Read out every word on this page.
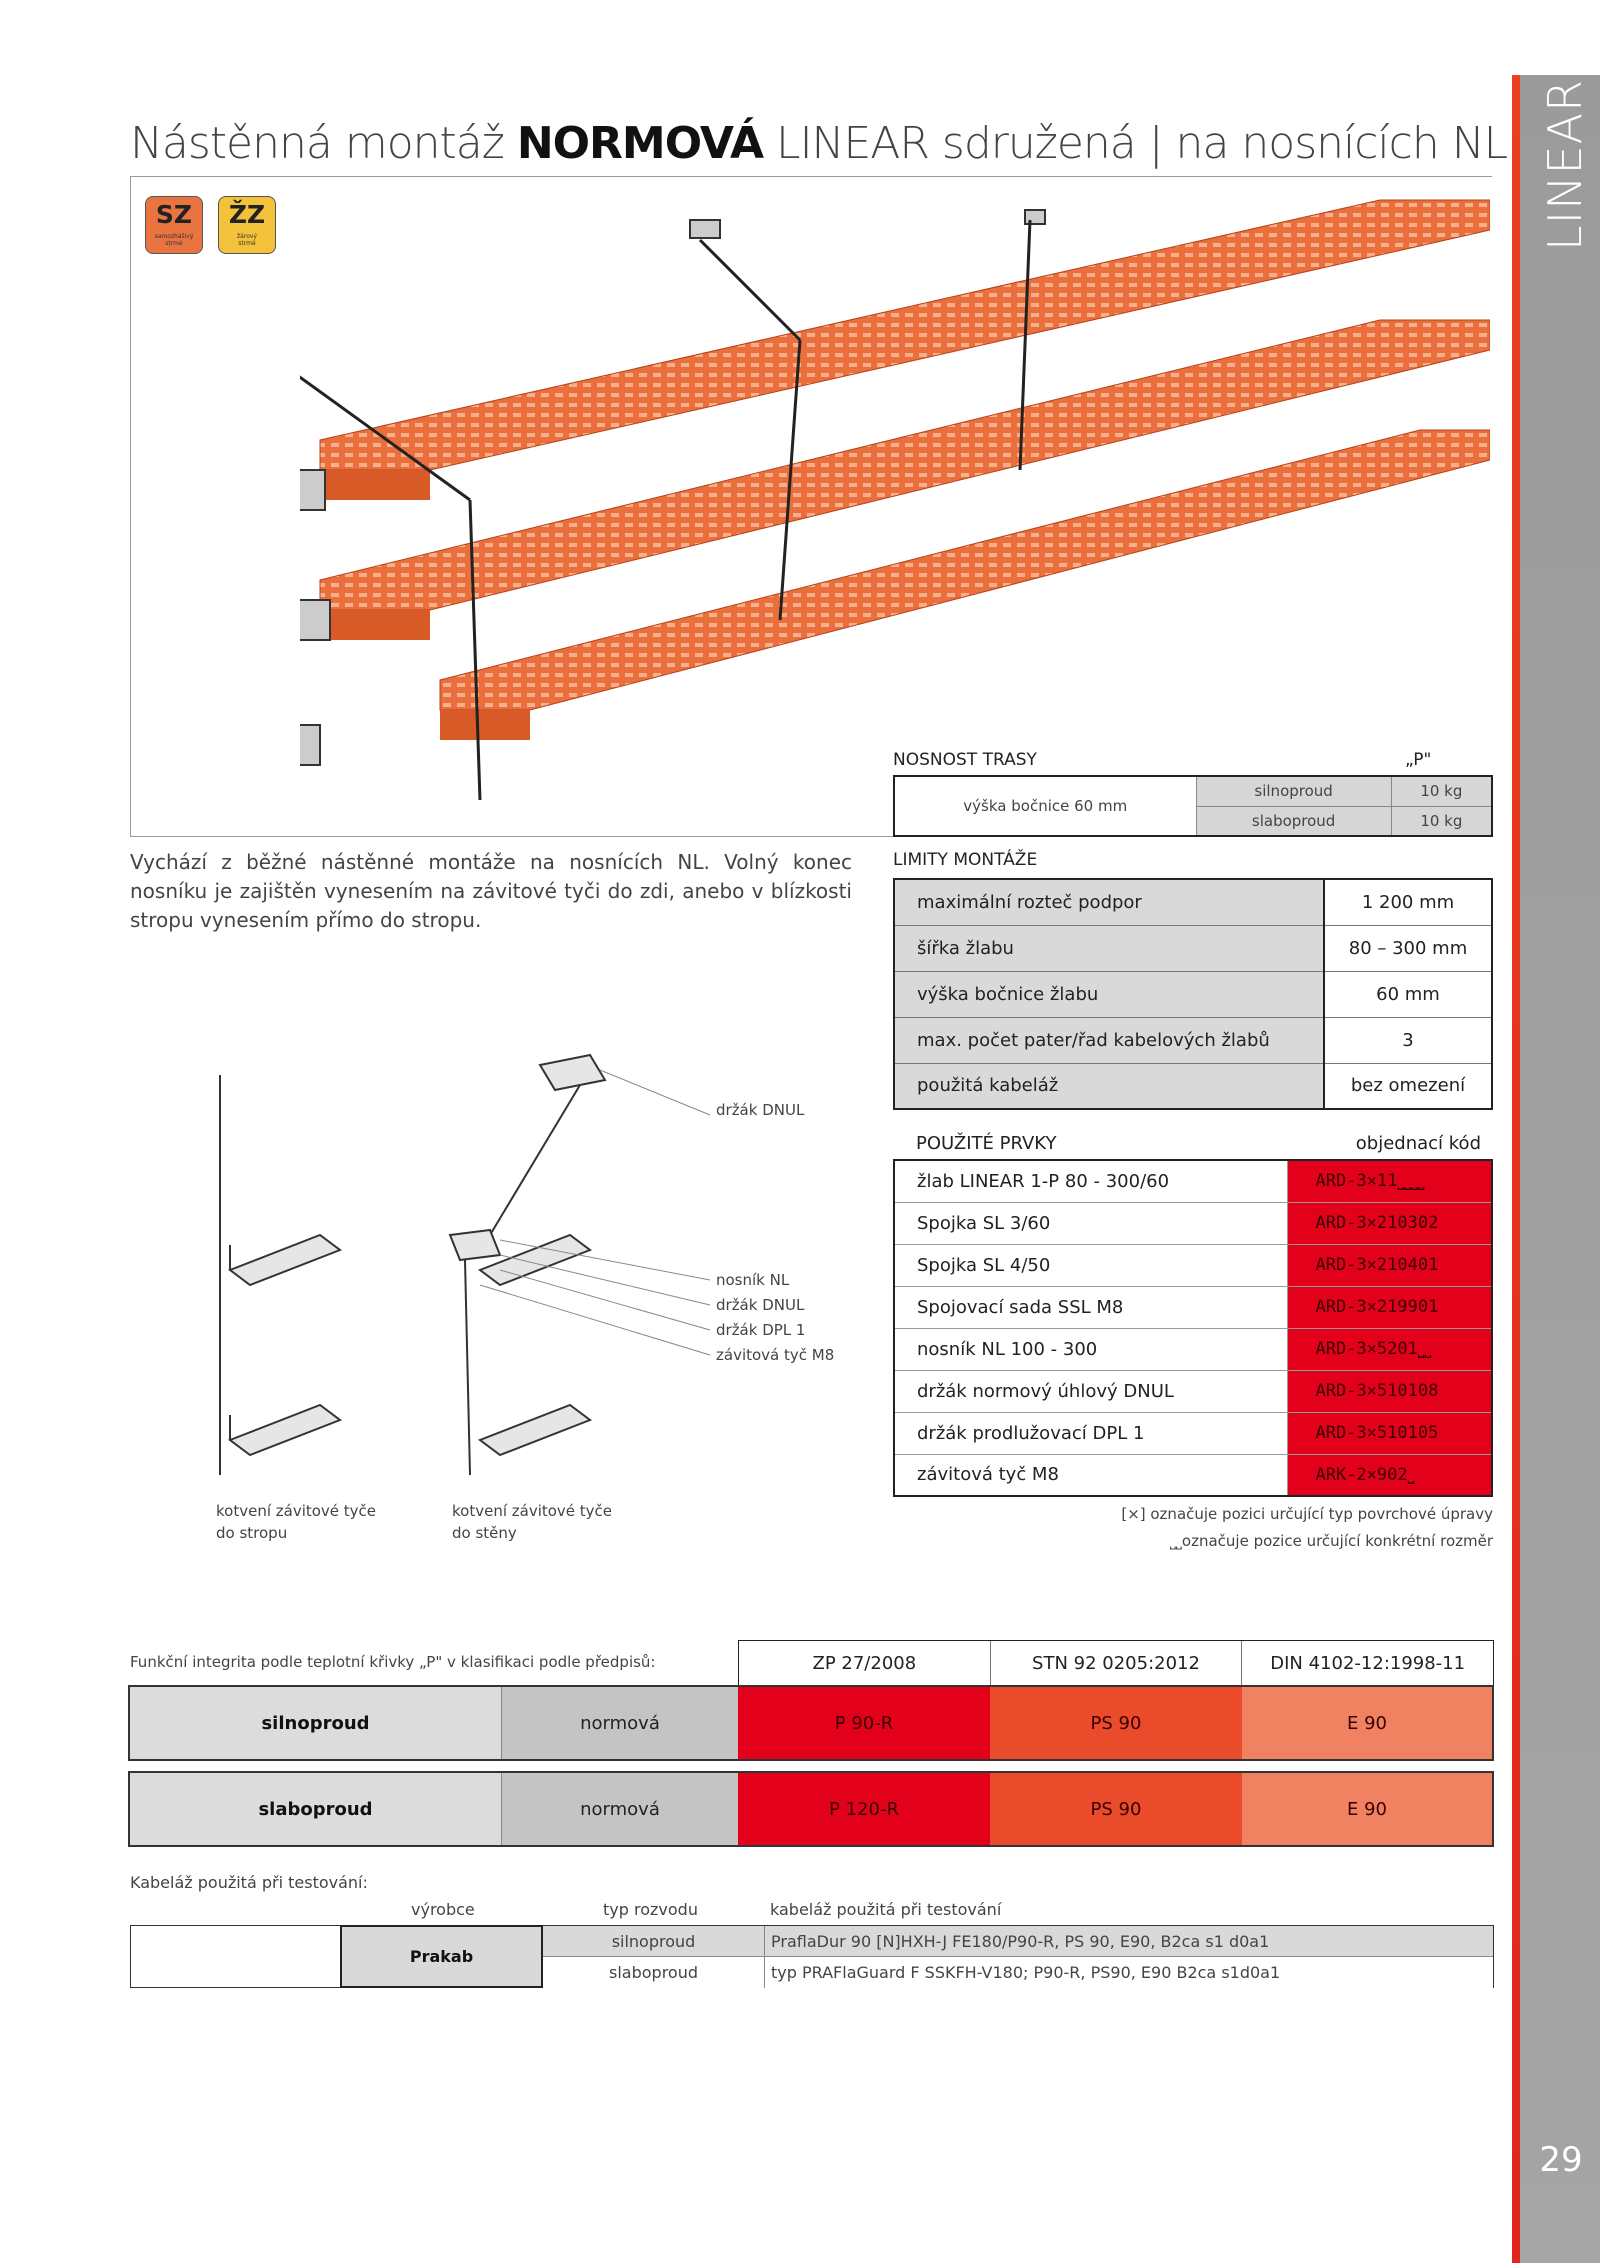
LINEAR
29
Nástěnná montáž NORMOVÁ LINEAR sdružená | na nosnících NL
SZ
samozhášivý
strmé
ŽZ
žárový
strmé
Vychází z běžné nástěnné montáže na nosnících NL. Volný konec nosníku je zajištěn vynesením na závitové tyči do zdi, anebo v blízkosti stropu vynesením přímo do stropu.
držák DNUL
nosník NL
držák DNUL
držák DPL 1
závitová tyč M8
kotvení závitové tyče
do stropu
kotvení závitové tyče
do stěny
NOSNOST TRASY	„P"
výška bočnice 60 mm	silnoproud	10 kg
	slaboproud	10 kg
LIMITY MONTÁŽE
maximální rozteč podpor	1 200 mm
šířka žlabu	80 – 300 mm
výška bočnice žlabu	60 mm
max. počet pater/řad kabelových žlabů	3
použitá kabeláž	bez omezení
POUŽITÉ PRVKY	objednací kód
žlab LINEAR 1-P 80 - 300/60	ARD-3×11⎵⎵⎵⎵
Spojka SL 3/60	ARD-3×210302
Spojka SL 4/50	ARD-3×210401
Spojovací sada SSL M8	ARD-3×219901
nosník NL 100 - 300	ARD-3×5201⎵⎵
držák normový úhlový DNUL	ARD-3×510108
držák prodlužovací DPL 1	ARD-3×510105
závitová tyč M8	ARK-2×902⎵
[×] označuje pozici určující typ povrchové úpravy
⎵⎵označuje pozice určující konkrétní rozměr
Funkční integrita podle teplotní křivky „P" v klasifikaci podle předpisů:	ZP 27/2008	STN 92 0205:2012	DIN 4102-12:1998-11
silnoproud	normová	P 90-R	PS 90	E 90
slaboproud	normová	P 120-R	PS 90	E 90
Kabeláž použitá při testování:
výrobce	typ rozvodu	kabeláž použitá při testování
Prakab
silnoproud	PraflaDur 90 [N]HXH-J FE180/P90-R, PS 90, E90, B2ca s1 d0a1
slaboproud	typ PRAFlaGuard F SSKFH-V180; P90-R, PS90, E90 B2ca s1d0a1
